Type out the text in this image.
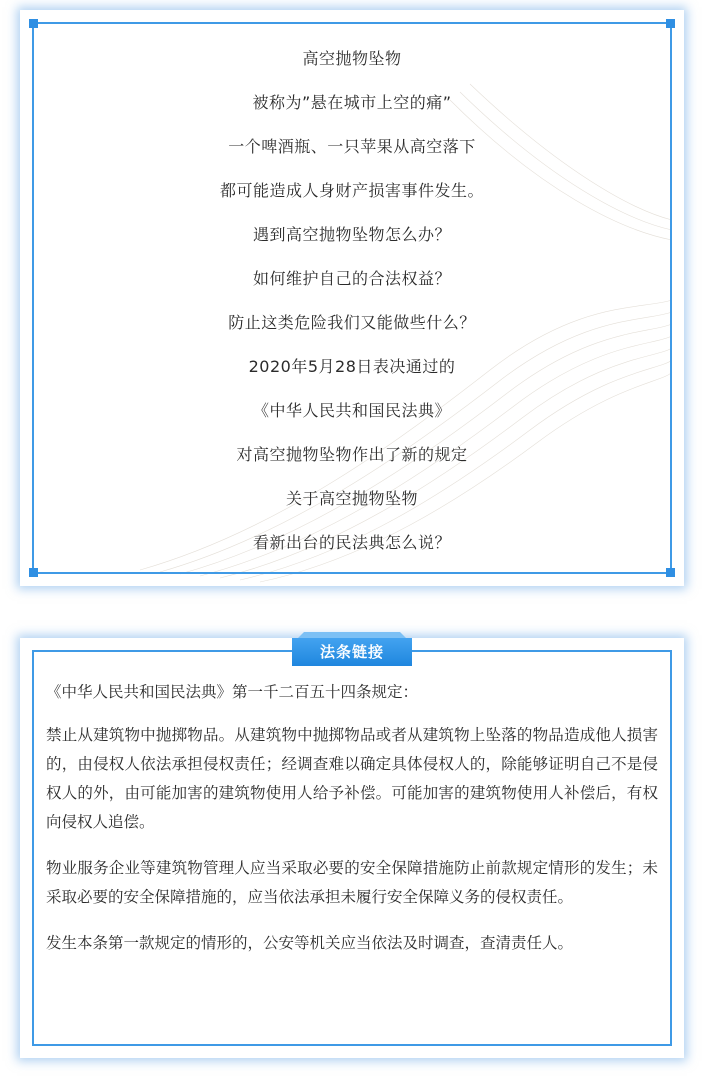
高空抛物坠物
被称为”悬在城市上空的痛”
一个啤酒瓶、一只苹果从高空落下
都可能造成人身财产损害事件发生。
遇到高空抛物坠物怎么办？
如何维护自己的合法权益？
防止这类危险我们又能做些什么？
2020年5月28日表决通过的
《中华人民共和国民法典》
对高空抛物坠物作出了新的规定
关于高空抛物坠物
看新出台的民法典怎么说？
法条链接

《中华人民共和国民法典》第一千二百五十四条规定：

禁止从建筑物中抛掷物品。从建筑物中抛掷物品或者从建筑物上坠落的物品造成他人损害的，由侵权人依法承担侵权责任；经调查难以确定具体侵权人的，除能够证明自己不是侵权人的外，由可能加害的建筑物使用人给予补偿。可能加害的建筑物使用人补偿后，有权向侵权人追偿。

物业服务企业等建筑物管理人应当采取必要的安全保障措施防止前款规定情形的发生；未采取必要的安全保障措施的，应当依法承担未履行安全保障义务的侵权责任。

发生本条第一款规定的情形的，公安等机关应当依法及时调查，查清责任人。
